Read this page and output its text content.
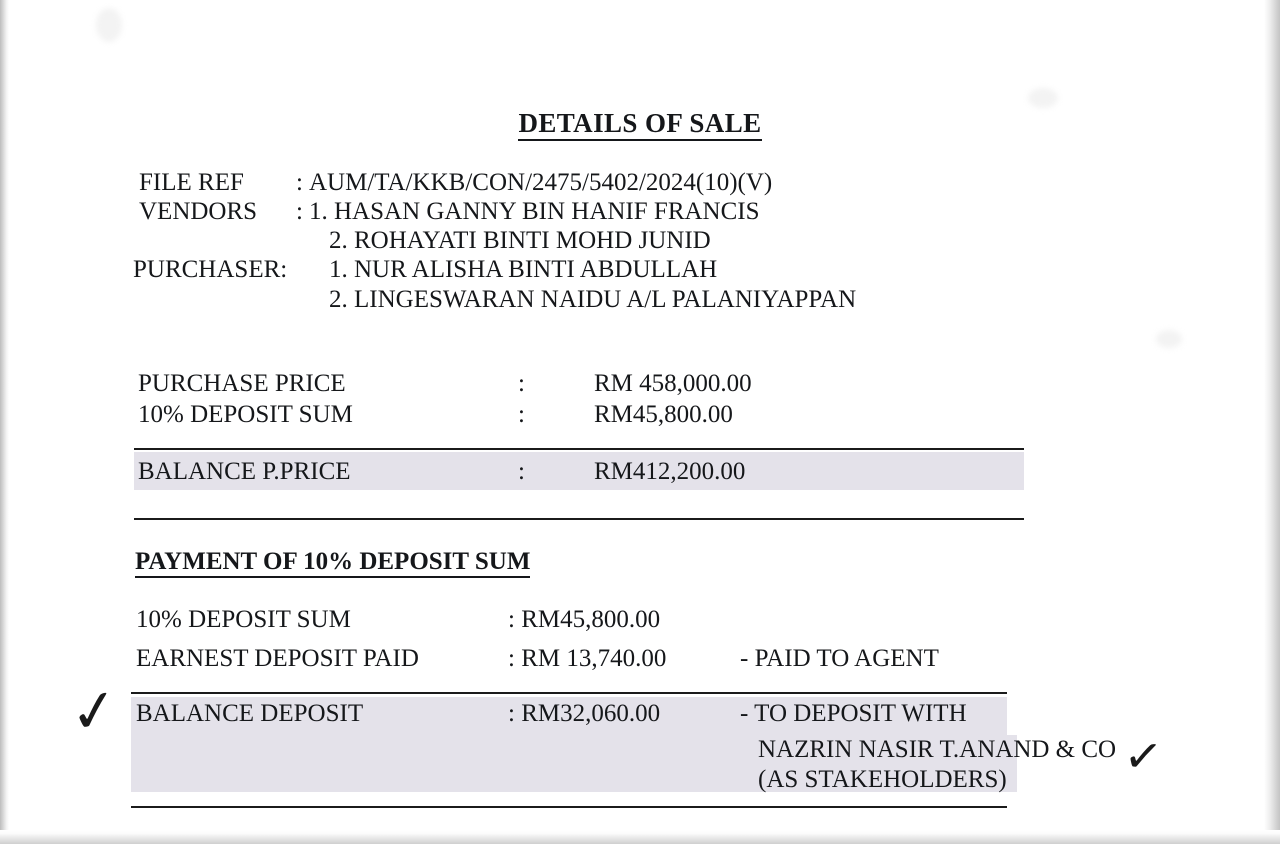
DETAILS OF SALE
FILE REF : AUM/TA/KKB/CON/2475/5402/2024(10)(V)
VENDORS : 1. HASAN GANNY BIN HANIF FRANCIS
2. ROHAYATI BINTI MOHD JUNID
PURCHASER: 1. NUR ALISHA BINTI ABDULLAH
2. LINGESWARAN NAIDU A/L PALANIYAPPAN
PURCHASE PRICE	:	RM 458,000.00
10% DEPOSIT SUM	:	RM45,800.00
BALANCE P.PRICE	:	RM412,200.00
PAYMENT OF 10% DEPOSIT SUM
10% DEPOSIT SUM	: RM45,800.00
EARNEST DEPOSIT PAID	: RM 13,740.00	- PAID TO AGENT
BALANCE DEPOSIT	: RM32,060.00	- TO DEPOSIT WITH
NAZRIN NASIR T.ANAND & CO
(AS STAKEHOLDERS)
✓
✓
